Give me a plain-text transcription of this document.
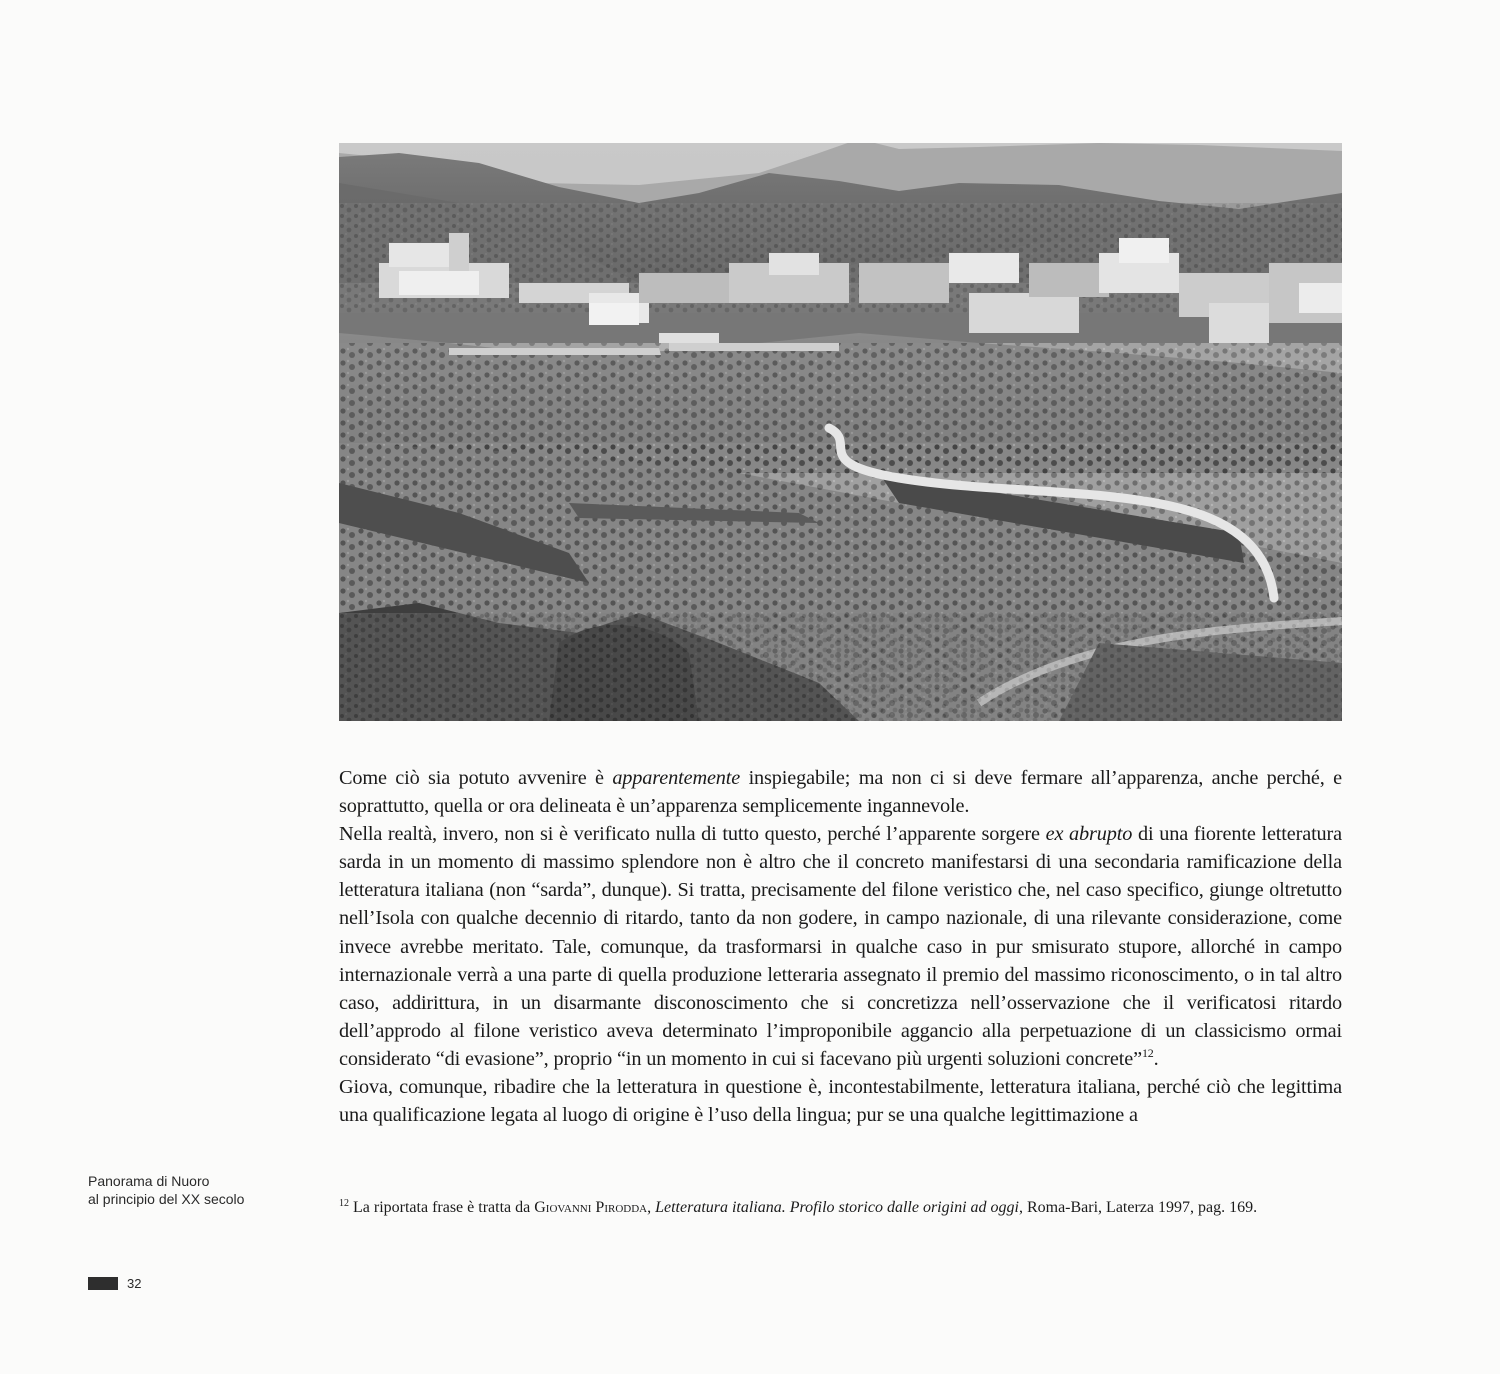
Come ciò sia potuto avvenire è apparentemente inspiegabile; ma non ci si deve fermare all’apparenza, anche perché, e soprattutto, quella or ora delineata è un’apparenza semplicemente ingannevole.

Nella realtà, invero, non si è verificato nulla di tutto questo, perché l’apparente sorgere ex abrupto di una fiorente letteratura sarda in un momento di massimo splendore non è altro che il concreto manifestarsi di una secondaria ramificazione della letteratura italiana (non “sarda”, dunque). Si tratta, precisamente del filone veristico che, nel caso specifico, giunge oltretutto nell’Isola con qualche decennio di ritardo, tanto da non godere, in campo nazionale, di una rilevante considerazione, come invece avrebbe meritato. Tale, comunque, da trasformarsi in qualche caso in pur smisurato stupore, allorché in campo internazionale verrà a una parte di quella produzione letteraria assegnato il premio del massimo riconoscimento, o in tal altro caso, addirittura, in un disarmante disconoscimento che si concretizza nell’osservazione che il verificatosi ritardo dell’approdo al filone veristico aveva determinato l’improponibile aggancio alla perpetuazione di un classicismo ormai considerato “di evasione”, proprio “in un momento in cui si facevano più urgenti soluzioni concrete”$^{12}$.

Giova, comunque, ribadire che la letteratura in questione è, incontestabilmente, letteratura italiana, perché ciò che legittima una qualificazione legata al luogo di origine è l’uso della lingua; pur se una qualche legittimazione a

Panorama di Nuoro
al principio del XX secolo	$^{12}$ La riportata frase è tratta da Giovanni Pirodda, Letteratura italiana. Profilo storico dalle origini ad oggi, Roma-Bari, Laterza 1997, pag. 169.
32
